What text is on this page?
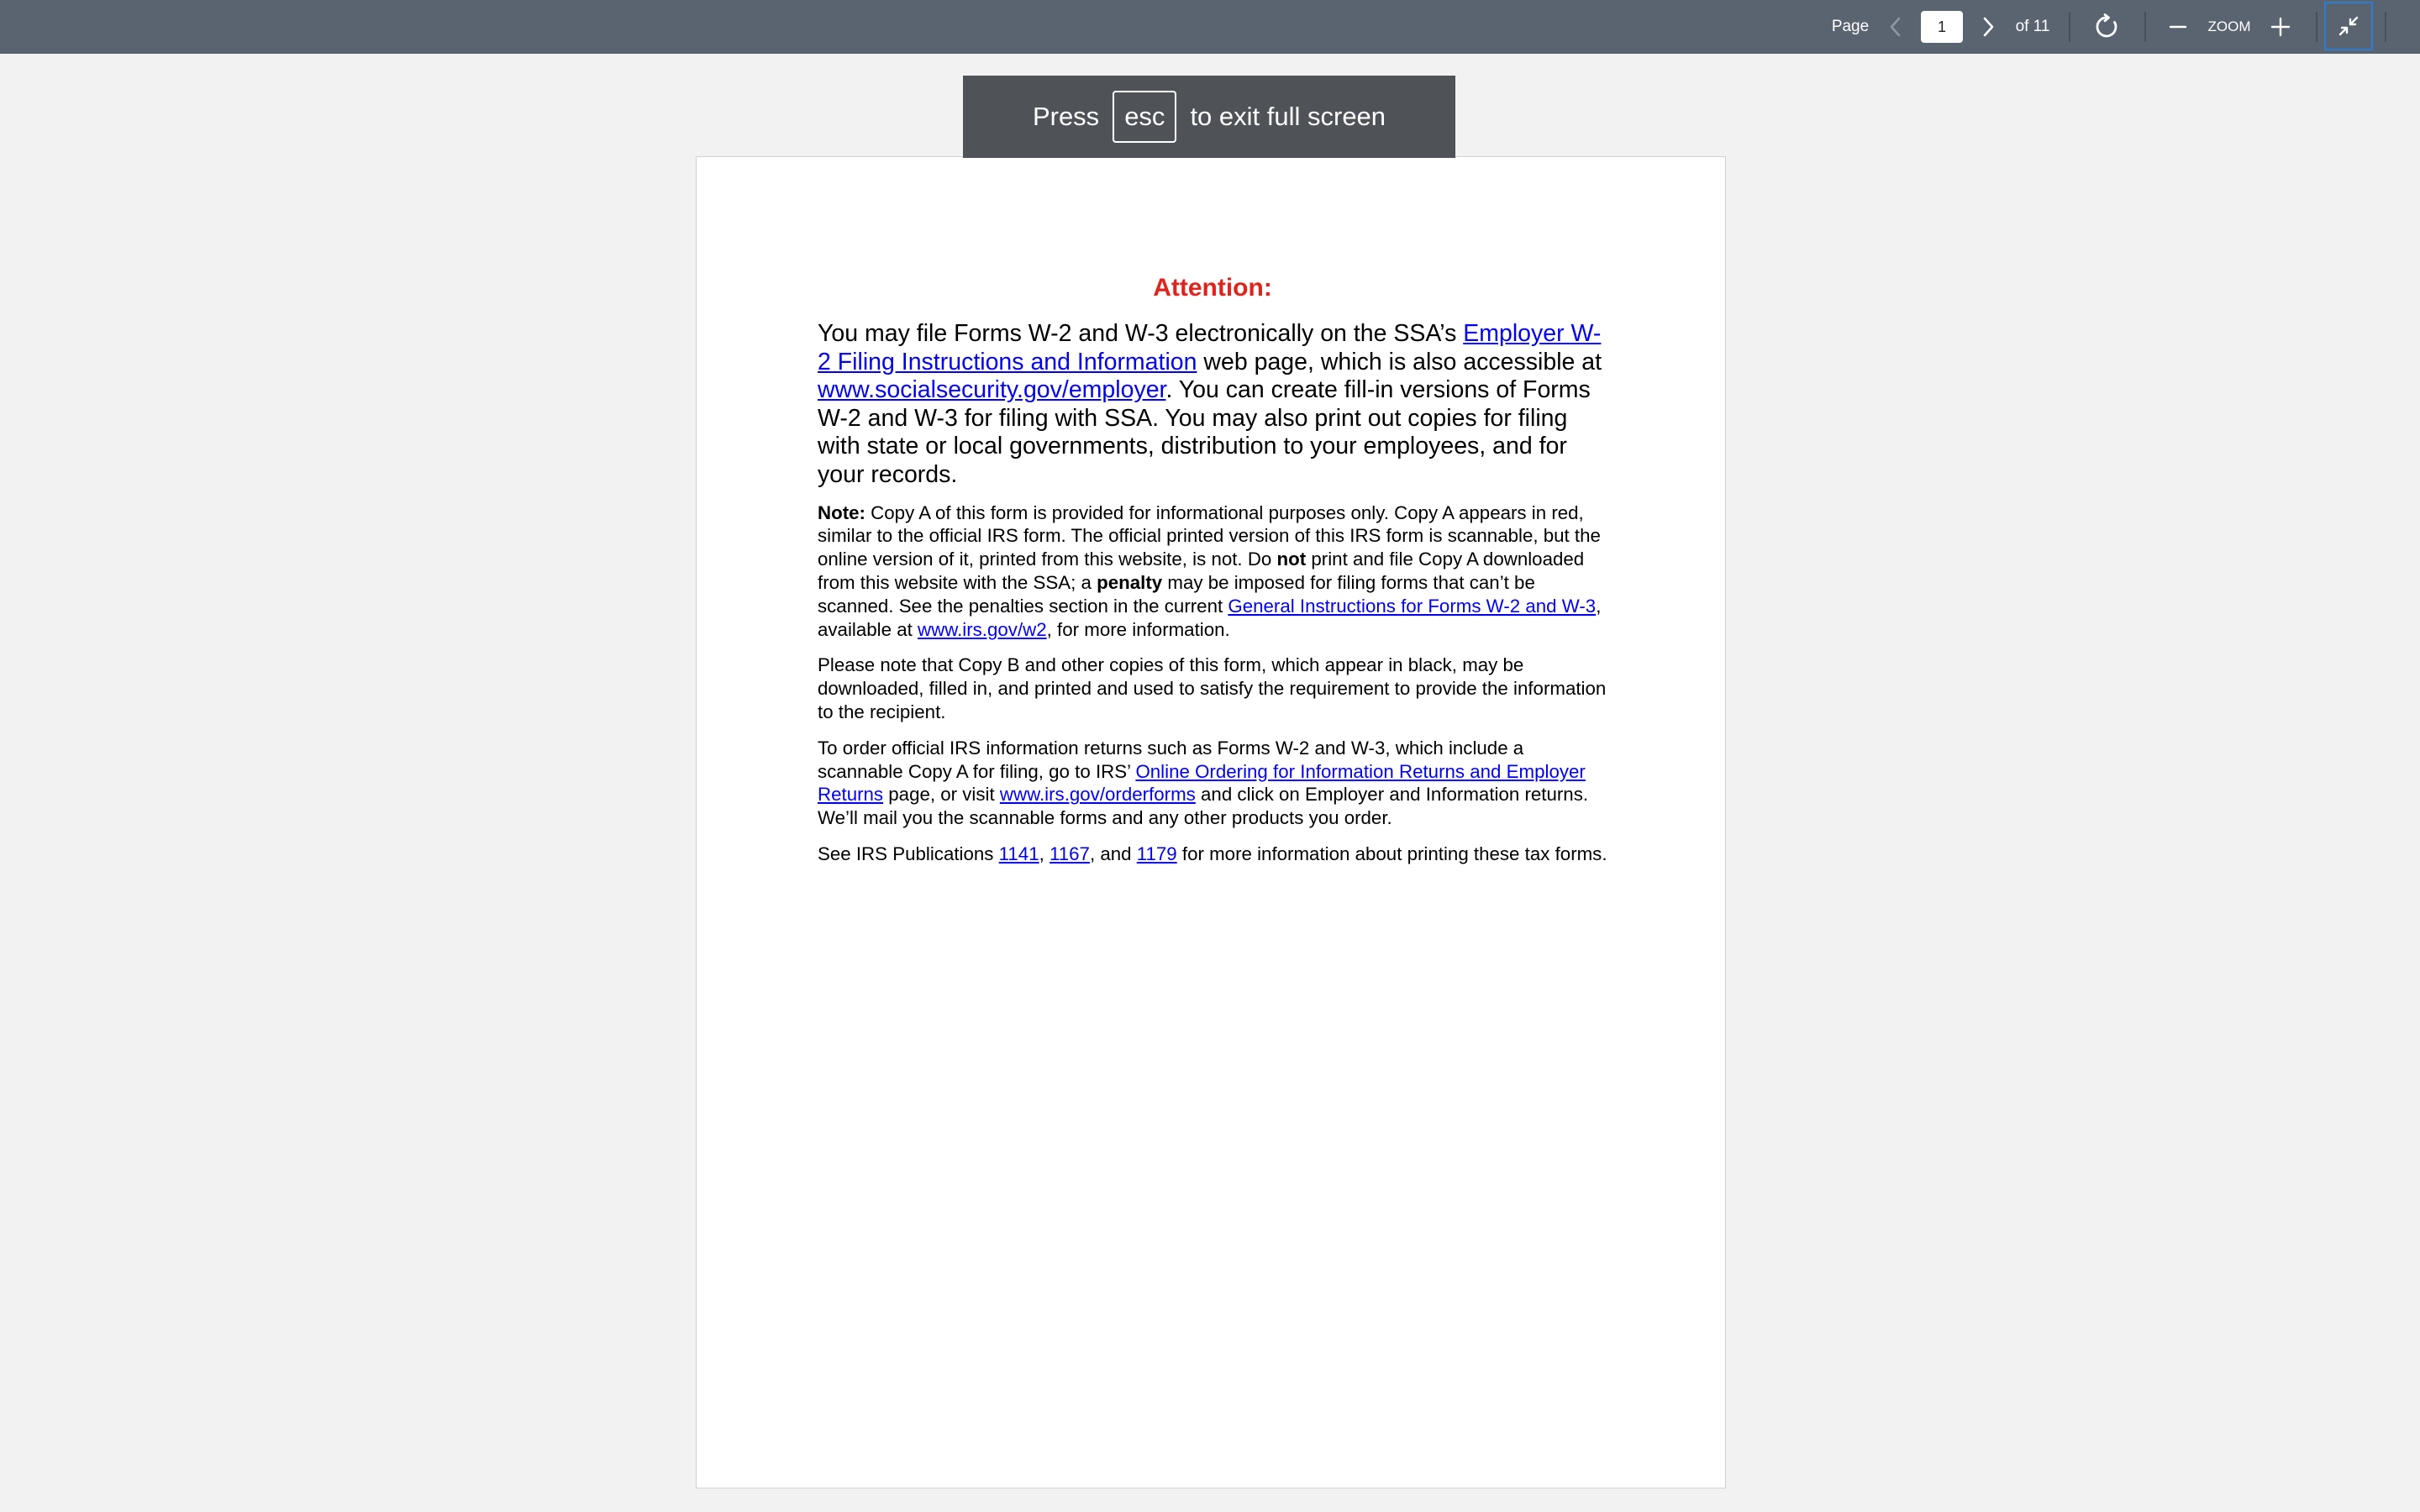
Page
1	of 11	ZOOM
Press esc to exit full screen
Attention:

You may file Forms W-2 and W-3 electronically on the SSA’s Employer W-2 Filing Instructions and Information web page, which is also accessible at www.socialsecurity.gov/employer. You can create fill-in versions of Forms W-2 and W-3 for filing with SSA. You may also print out copies for filing with state or local governments, distribution to your employees, and for your records.

Note: Copy A of this form is provided for informational purposes only. Copy A appears in red, similar to the official IRS form. The official printed version of this IRS form is scannable, but the online version of it, printed from this website, is not. Do not print and file Copy A downloaded from this website with the SSA; a penalty may be imposed for filing forms that can’t be scanned. See the penalties section in the current General Instructions for Forms W-2 and W-3, available at www.irs.gov/w2, for more information.

Please note that Copy B and other copies of this form, which appear in black, may be downloaded, filled in, and printed and used to satisfy the requirement to provide the information to the recipient.

To order official IRS information returns such as Forms W-2 and W-3, which include a scannable Copy A for filing, go to IRS’ Online Ordering for Information Returns and Employer Returns page, or visit www.irs.gov/orderforms and click on Employer and Information returns. We’ll mail you the scannable forms and any other products you order.

See IRS Publications 1141, 1167, and 1179 for more information about printing these tax forms.
